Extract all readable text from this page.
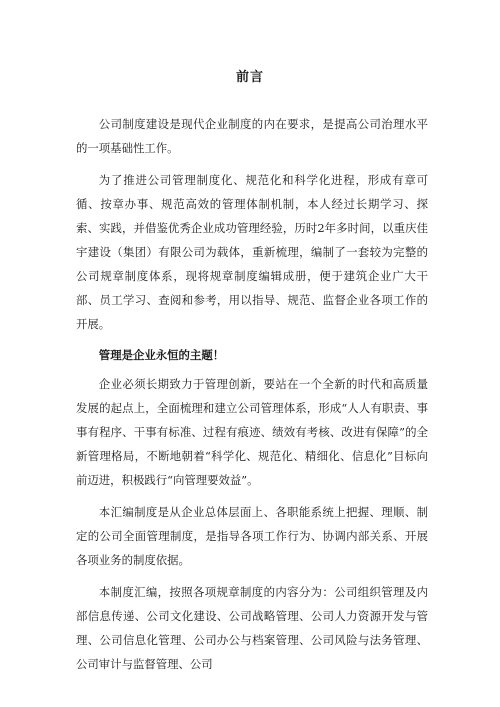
前言

公司制度建设是现代企业制度的内在要求，是提高公司治理水平的一项基础性工作。

为了推进公司管理制度化、规范化和科学化进程，形成有章可循、按章办事、规范高效的管理体制机制，本人经过长期学习、探索、实践，并借鉴优秀企业成功管理经验，历时2年多时间，以重庆佳宇建设（集团）有限公司为载体，重新梳理，编制了一套较为完整的公司规章制度体系，现将规章制度编辑成册，便于建筑企业广大干部、员工学习、查阅和参考，用以指导、规范、监督企业各项工作的开展。

管理是企业永恒的主题！

企业必须长期致力于管理创新，要站在一个全新的时代和高质量发展的起点上，全面梳理和建立公司管理体系，形成“人人有职责、事事有程序、干事有标准、过程有痕迹、绩效有考核、改进有保障”的全新管理格局，不断地朝着“科学化、规范化、精细化、信息化”目标向前迈进，积极践行“向管理要效益”。

本汇编制度是从企业总体层面上、各职能系统上把握、理顺、制定的公司全面管理制度，是指导各项工作行为、协调内部关系、开展各项业务的制度依据。

本制度汇编，按照各项规章制度的内容分为：公司组织管理及内部信息传递、公司文化建设、公司战略管理、公司人力资源开发与管理、公司信息化管理、公司办公与档案管理、公司风险与法务管理、公司审计与监督管理、公司
